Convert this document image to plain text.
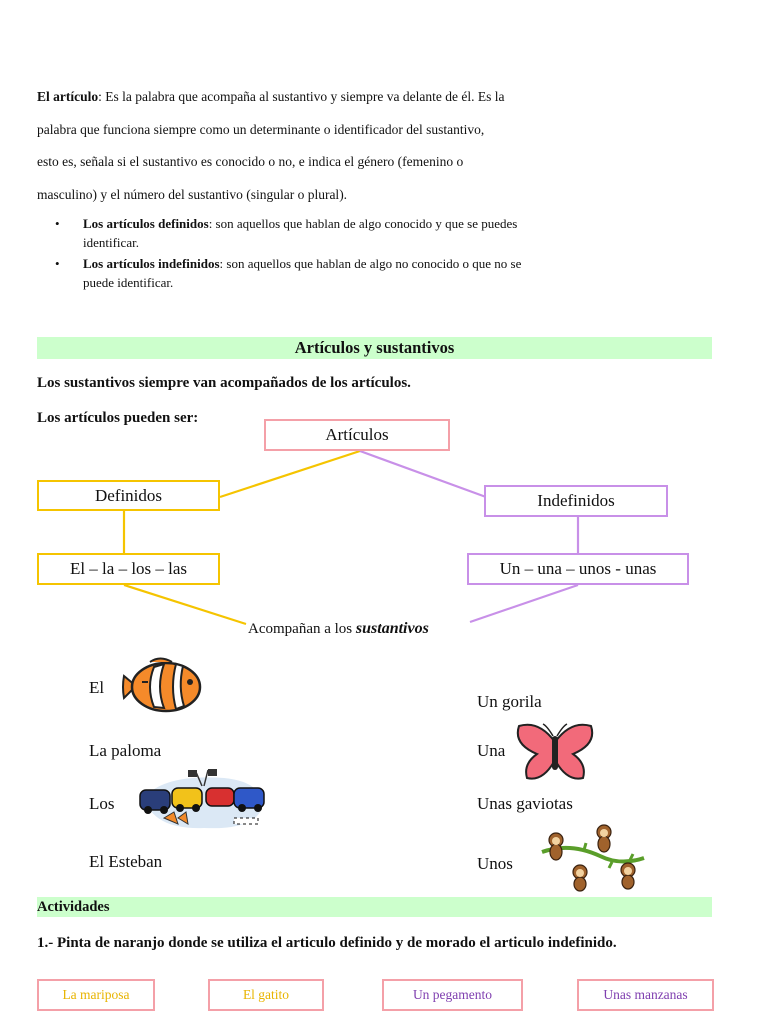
El artículo: Es la palabra que acompaña al sustantivo y siempre va delante de él. Es la
palabra que funciona siempre como un determinante o identificador del sustantivo,
esto es, señala si el sustantivo es conocido o no, e indica el género (femenino o
masculino) y el número del sustantivo (singular o plural).
• Los artículos definidos: son aquellos que hablan de algo conocido y que se puedes
identificar.
• Los artículos indefinidos: son aquellos que hablan de algo no conocido o que no se
puede identificar.
Artículos y sustantivos
Los sustantivos siempre van acompañados de los artículos.
Los artículos pueden ser:
Artículos
Definidos	Indefinidos
El – la – los – las	Un – una – unos - unas
Acompañan a los sustantivos
El
La paloma
Los
El Esteban
Un gorila
Una
Unas gaviotas
Unos
Actividades
1.- Pinta de naranjo donde se utiliza el articulo definido y de morado el articulo indefinido.
La mariposa	El gatito	Un pegamento	Unas manzanas
